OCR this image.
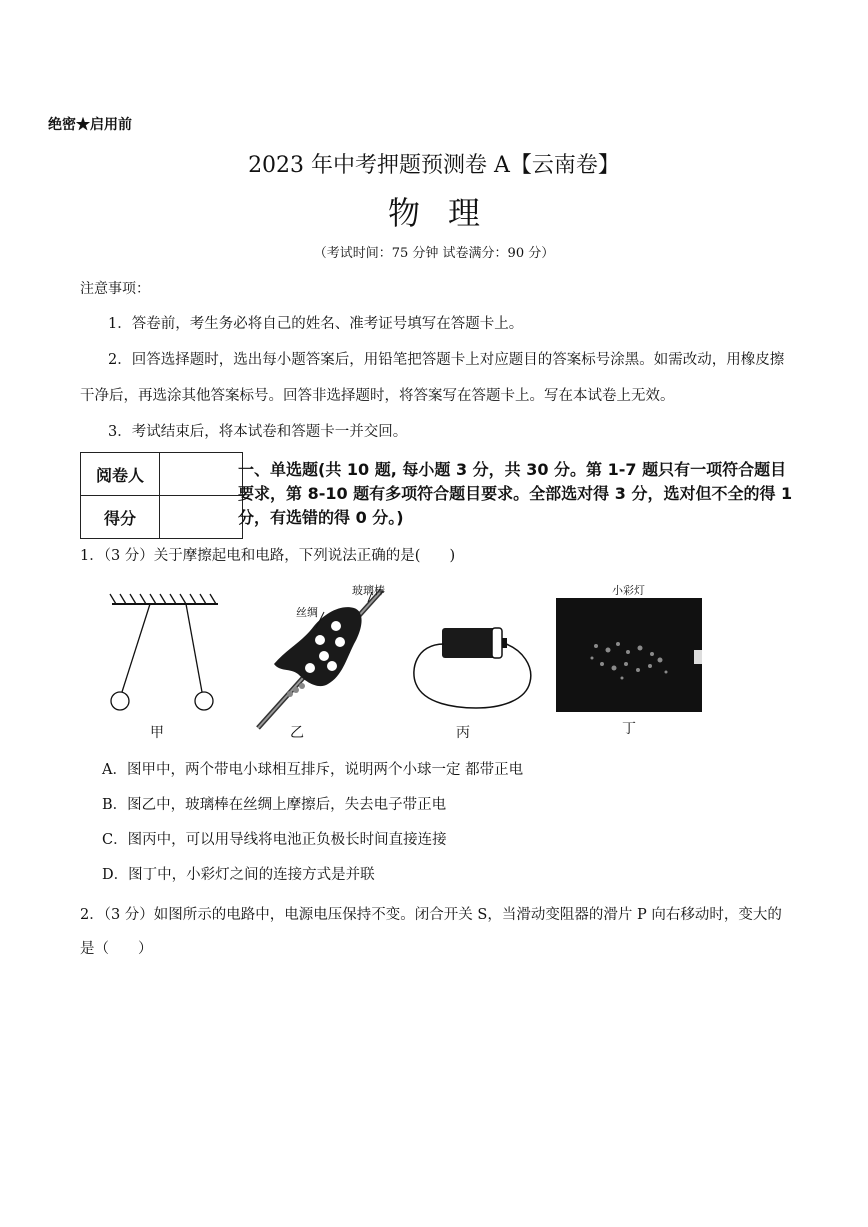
绝密★启用前
2023 年中考押题预测卷 A【云南卷】
物理
（考试时间：75 分钟 试卷满分：90 分）
注意事项：
1．答卷前，考生务必将自己的姓名、准考证号填写在答题卡上。
2．回答选择题时，选出每小题答案后，用铅笔把答题卡上对应题目的答案标号涂黑。如需改动，用橡皮擦干净后，再选涂其他答案标号。回答非选择题时，将答案写在答题卡上。写在本试卷上无效。
3．考试结束后，将本试卷和答题卡一并交回。
阅卷人	
得分	
一、单选题(共 10 题, 每小题 3 分，共 30 分。第 1-7 题只有一项符合题目要求，第 8-10 题有多项符合题目要求。全部选对得 3 分，选对但不全的得 1 分，有选错的得 0 分。)
1．（3 分）关于摩擦起电和电路，下列说法正确的是(　　)
甲
丝绸
玻璃棒
乙	丙
小彩灯
丁
A．图甲中，两个带电小球相互排斥，说明两个小球一定 都带正电
B．图乙中，玻璃棒在丝绸上摩擦后，失去电子带正电
C．图丙中，可以用导线将电池正负极长时间直接连接
D．图丁中，小彩灯之间的连接方式是并联
2．（3 分）如图所示的电路中，电源电压保持不变。闭合开关 S，当滑动变阻器的滑片 P 向右移动时，变大的是（　　）
